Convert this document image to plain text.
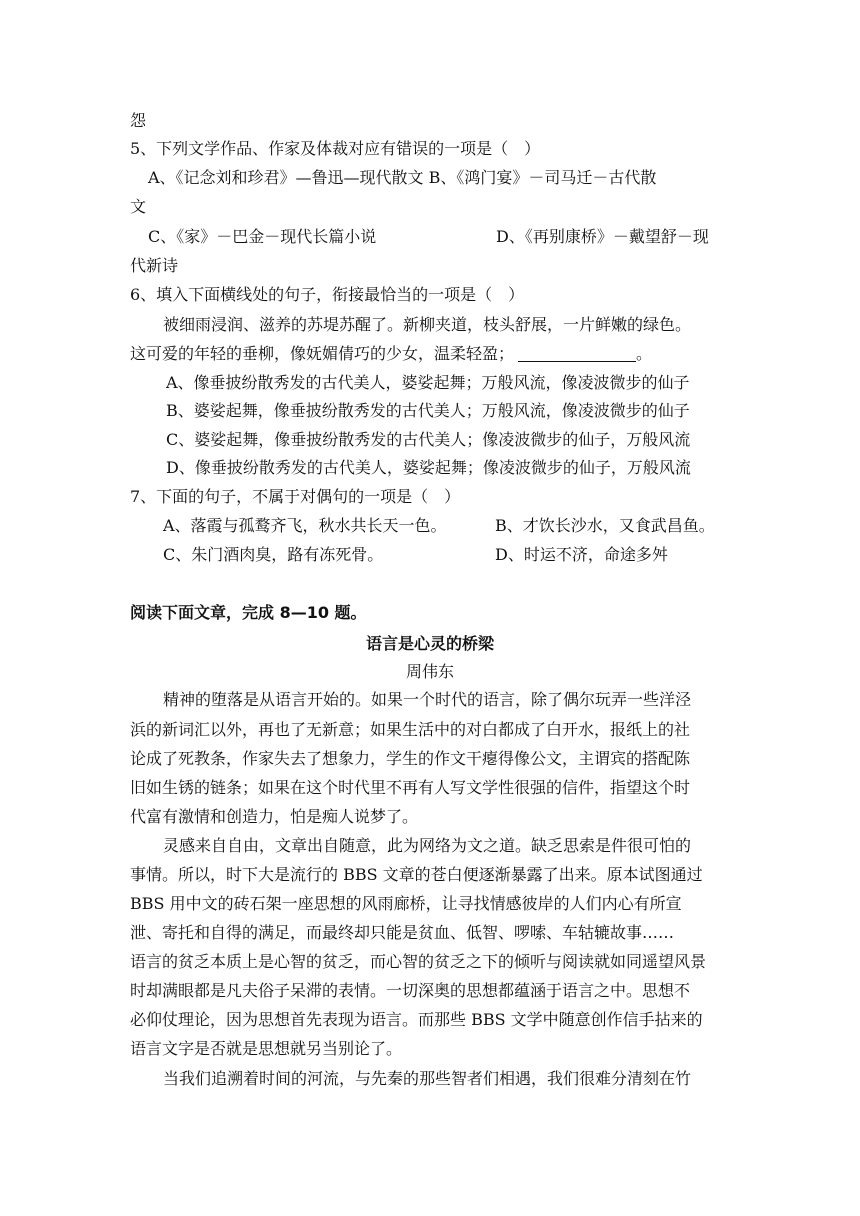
怨
5、下列文学作品、作家及体裁对应有错误的一项是（　）
A、《记念刘和珍君》—鲁迅—现代散文 B、《鸿门宴》－司马迁－古代散
文
C、《家》－巴金－现代长篇小说	D、《再别康桥》－戴望舒－现
代新诗
6、填入下面横线处的句子，衔接最恰当的一项是（　）
被细雨浸润、滋养的苏堤苏醒了。新柳夹道，枝头舒展，一片鲜嫩的绿色。
这可爱的年轻的垂柳，像妩媚倩巧的少女，温柔轻盈；	。
A、像垂披纷散秀发的古代美人，婆娑起舞；万般风流，像凌波微步的仙子
B、婆娑起舞，像垂披纷散秀发的古代美人；万般风流，像凌波微步的仙子
C、婆娑起舞，像垂披纷散秀发的古代美人；像凌波微步的仙子，万般风流
D、像垂披纷散秀发的古代美人，婆娑起舞；像凌波微步的仙子，万般风流
7、下面的句子，不属于对偶句的一项是（　）
A、落霞与孤鹜齐飞，秋水共长天一色。	B、才饮长沙水，又食武昌鱼。
C、朱门酒肉臭，路有冻死骨。	D、时运不济，命途多舛
阅读下面文章，完成 8—10 题。
语言是心灵的桥梁
周伟东
精神的堕落是从语言开始的。如果一个时代的语言，除了偶尔玩弄一些洋泾
浜的新词汇以外，再也了无新意；如果生活中的对白都成了白开水，报纸上的社
论成了死教条，作家失去了想象力，学生的作文干瘪得像公文，主谓宾的搭配陈
旧如生锈的链条；如果在这个时代里不再有人写文学性很强的信件，指望这个时
代富有激情和创造力，怕是痴人说梦了。
灵感来自自由，文章出自随意，此为网络为文之道。缺乏思索是件很可怕的
事情。所以，时下大是流行的 BBS 文章的苍白便逐渐暴露了出来。原本试图通过
BBS 用中文的砖石架一座思想的风雨廊桥，让寻找情感彼岸的人们内心有所宣
泄、寄托和自得的满足，而最终却只能是贫血、低智、啰嗦、车轱辘故事……
语言的贫乏本质上是心智的贫乏，而心智的贫乏之下的倾听与阅读就如同遥望风景
时却满眼都是凡夫俗子呆滞的表情。一切深奥的思想都蕴涵于语言之中。思想不
必仰仗理论，因为思想首先表现为语言。而那些 BBS 文学中随意创作信手拈来的
语言文字是否就是思想就另当别论了。
当我们追溯着时间的河流，与先秦的那些智者们相遇，我们很难分清刻在竹
